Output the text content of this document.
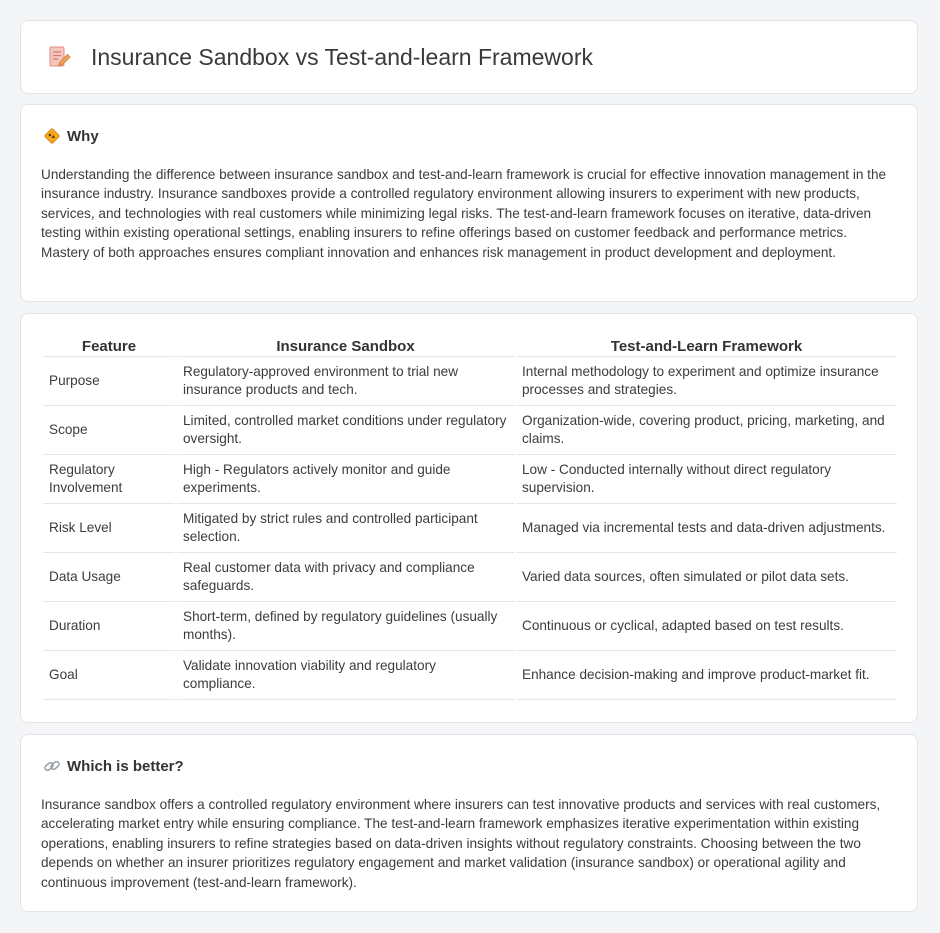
Insurance Sandbox vs Test-and-learn Framework
Why

Understanding the difference between insurance sandbox and test-and-learn framework is crucial for effective innovation management in the insurance industry. Insurance sandboxes provide a controlled regulatory environment allowing insurers to experiment with new products, services, and technologies with real customers while minimizing legal risks. The test-and-learn framework focuses on iterative, data-driven testing within existing operational settings, enabling insurers to refine offerings based on customer feedback and performance metrics. Mastery of both approaches ensures compliant innovation and enhances risk management in product development and deployment.

Feature	Insurance Sandbox	Test-and-Learn Framework
Purpose	Regulatory-approved environment to trial new insurance products and tech.	Internal methodology to experiment and optimize insurance processes and strategies.
Scope	Limited, controlled market conditions under regulatory oversight.	Organization-wide, covering product, pricing, marketing, and claims.
Regulatory Involvement	High - Regulators actively monitor and guide experiments.	Low - Conducted internally without direct regulatory supervision.
Risk Level	Mitigated by strict rules and controlled participant selection.	Managed via incremental tests and data-driven adjustments.
Data Usage	Real customer data with privacy and compliance safeguards.	Varied data sources, often simulated or pilot data sets.
Duration	Short-term, defined by regulatory guidelines (usually months).	Continuous or cyclical, adapted based on test results.
Goal	Validate innovation viability and regulatory compliance.	Enhance decision-making and improve product-market fit.
Which is better?

Insurance sandbox offers a controlled regulatory environment where insurers can test innovative products and services with real customers, accelerating market entry while ensuring compliance. The test-and-learn framework emphasizes iterative experimentation within existing operations, enabling insurers to refine strategies based on data-driven insights without regulatory constraints. Choosing between the two depends on whether an insurer prioritizes regulatory engagement and market validation (insurance sandbox) or operational agility and continuous improvement (test-and-learn framework).
